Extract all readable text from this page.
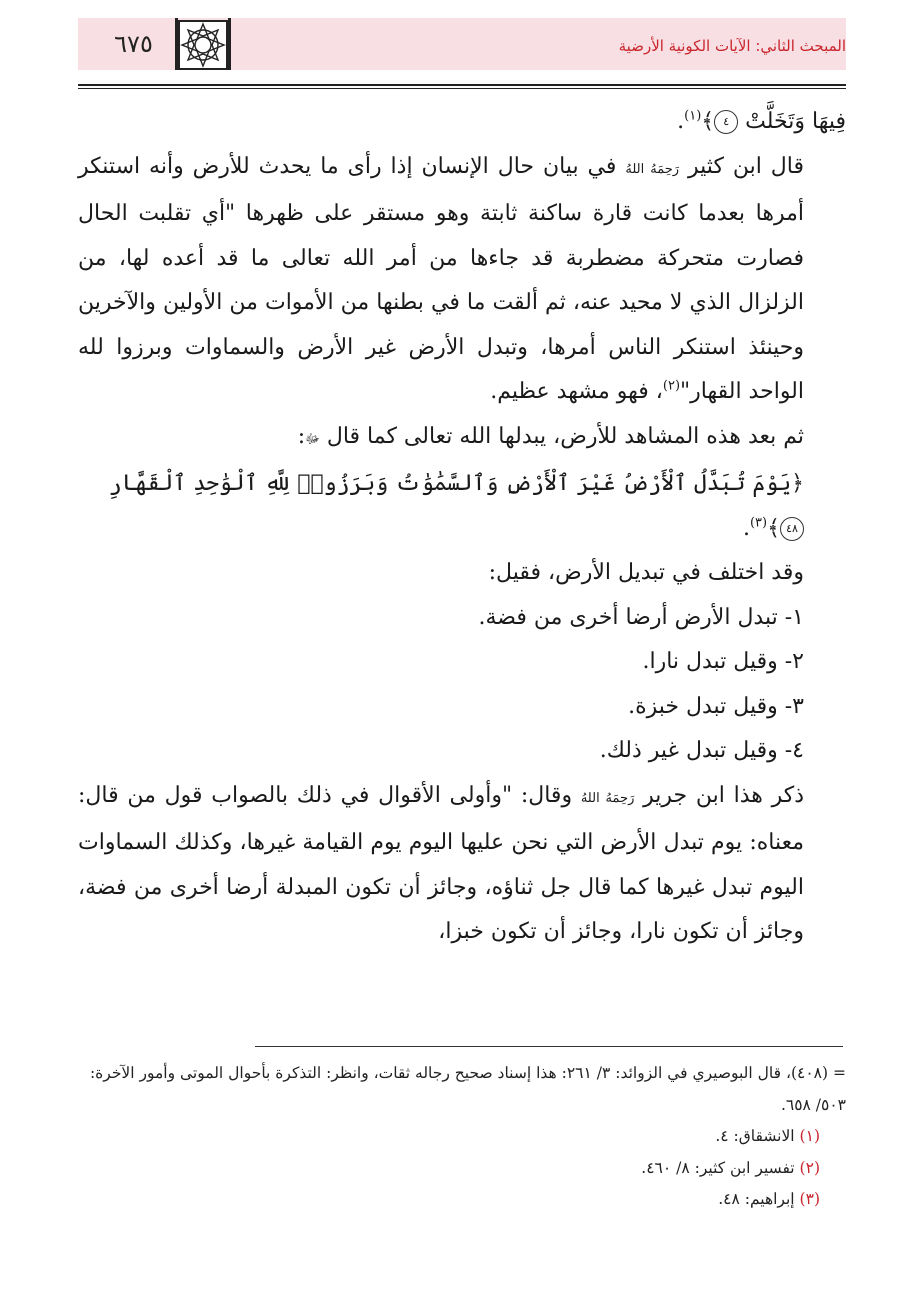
٦٧٥	المبحث الثاني: الآيات الكونية الأرضية

فِيهَا وَتَخَلَّتْ ٤﴾$^{(١)}$.

قال ابن كثير رَحِمَهُ اللهُ في بيان حال الإنسان إذا رأى ما يحدث للأرض وأنه استنكر أمرها بعدما كانت قارة ساكنة ثابتة وهو مستقر على ظهرها "أي تقلبت الحال فصارت متحركة مضطربة قد جاءها من أمر الله تعالى ما قد أعده لها، من الزلزال الذي لا محيد عنه، ثم ألقت ما في بطنها من الأموات من الأولين والآخرين وحينئذ استنكر الناس أمرها، وتبدل الأرض غير الأرض والسماوات وبرزوا لله الواحد القهار"$^{(٢)}$، فهو مشهد عظيم.

ثم بعد هذه المشاهد للأرض، يبدلها الله تعالى كما قال ﷻ:

﴿يَوْمَ تُبَدَّلُ ٱلْأَرْضُ غَيْرَ ٱلْأَرْضِ وَٱلسَّمَٰوَٰتُ وَبَرَزُوا۟ لِلَّهِ ٱلْوَٰحِدِ ٱلْقَهَّارِ ٤٨﴾$^{(٣)}$.

وقد اختلف في تبديل الأرض، فقيل:

١- تبدل الأرض أرضا أخرى من فضة.

٢- وقيل تبدل نارا.

٣- وقيل تبدل خبزة.

٤- وقيل تبدل غير ذلك.

ذكر هذا ابن جرير رَحِمَهُ اللهُ وقال: "وأولى الأقوال في ذلك بالصواب قول من قال: معناه: يوم تبدل الأرض التي نحن عليها اليوم يوم القيامة غيرها، وكذلك السماوات اليوم تبدل غيرها كما قال جل ثناؤه، وجائز أن تكون المبدلة أرضا أخرى من فضة، وجائز أن تكون نارا، وجائز أن تكون خبزا،

= (٤٠٨)، قال البوصيري في الزوائد: ٣/ ٢٦١: هذا إسناد صحيح رجاله ثقات، وانظر: التذكرة بأحوال الموتى وأمور الآخرة: ٥٠٣/ ٦٥٨.

(١) الانشقاق: ٤.

(٢) تفسير ابن كثير: ٨/ ٤٦٠.

(٣) إبراهيم: ٤٨.
